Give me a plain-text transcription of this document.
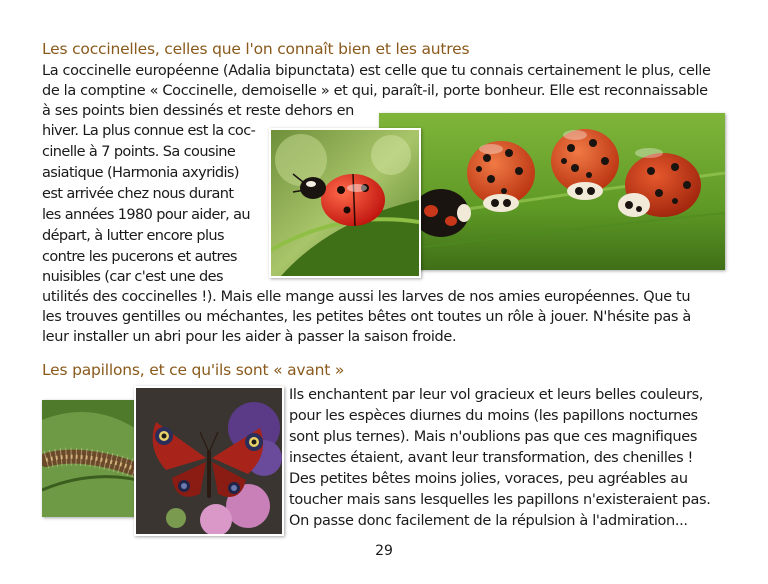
Les coccinelles, celles que l'on connaît bien et les autres
La coccinelle européenne (Adalia bipunctata) est celle que tu connais certainement le plus, celle
de la comptine « Coccinelle, demoiselle » et qui, paraît-il, porte bonheur. Elle est reconnaissable
à ses points bien dessinés et reste dehors en
hiver. La plus connue est la coc-
cinelle à 7 points. Sa cousine
asiatique (Harmonia axyridis)
est arrivée chez nous durant
les années 1980 pour aider, au
départ, à lutter encore plus
contre les pucerons et autres
nuisibles (car c'est une des
utilités des coccinelles !). Mais elle mange aussi les larves de nos amies européennes. Que tu
les trouves gentilles ou méchantes, les petites bêtes ont toutes un rôle à jouer. N'hésite pas à
leur installer un abri pour les aider à passer la saison froide.
Les papillons, et ce qu'ils sont « avant »
Ils enchantent par leur vol gracieux et leurs belles couleurs,
pour les espèces diurnes du moins (les papillons nocturnes
sont plus ternes). Mais n'oublions pas que ces magnifiques
insectes étaient, avant leur transformation, des chenilles !
Des petites bêtes moins jolies, voraces, peu agréables au
toucher mais sans lesquelles les papillons n'existeraient pas.
On passe donc facilement de la répulsion à l'admiration...
29
